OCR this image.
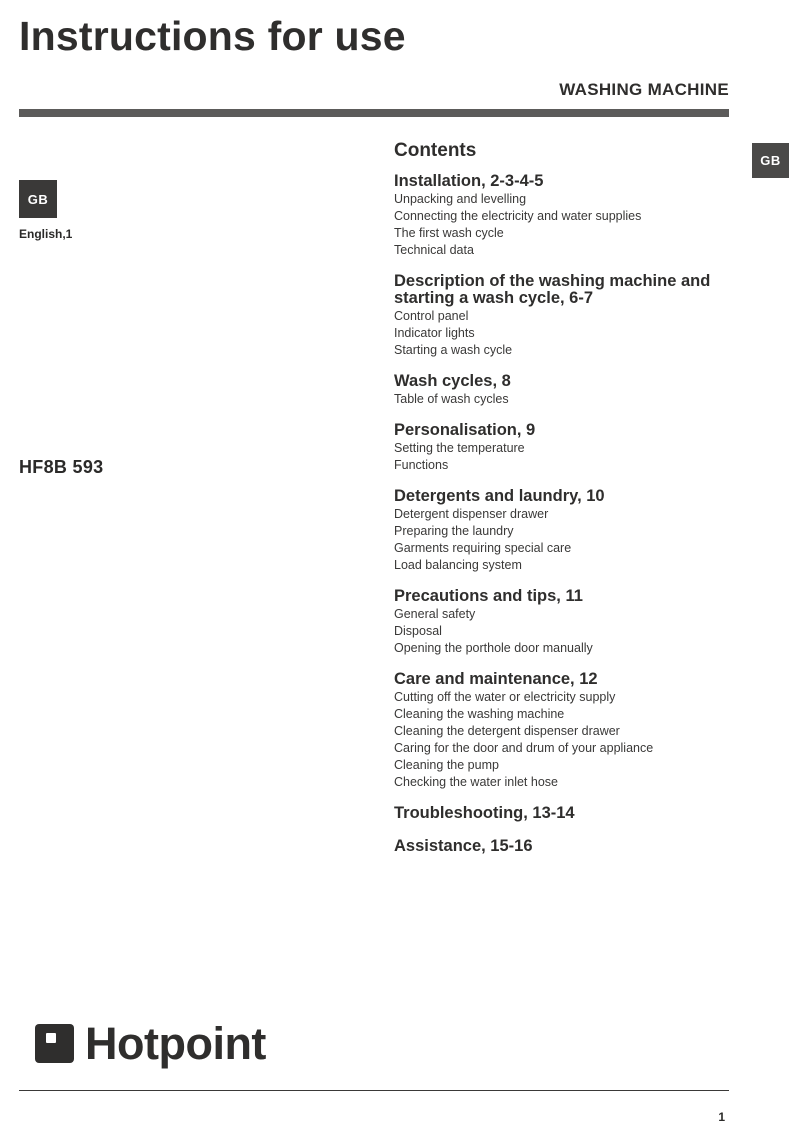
Instructions for use
WASHING MACHINE
GB
GB
English,1
HF8B 593
Contents
Installation, 2-3-4-5
Unpacking and levelling
Connecting the electricity and water supplies
The first wash cycle
Technical data
Description of the washing machine and starting a wash cycle, 6-7
Control panel
Indicator lights
Starting a wash cycle
Wash cycles, 8
Table of wash cycles
Personalisation, 9
Setting the temperature
Functions
Detergents and laundry, 10
Detergent dispenser drawer
Preparing the laundry
Garments requiring special care
Load balancing system
Precautions and tips, 11
General safety
Disposal
Opening the porthole door manually
Care and maintenance, 12
Cutting off the water or electricity supply
Cleaning the washing machine
Cleaning the detergent dispenser drawer
Caring for the door and drum of your appliance
Cleaning the pump
Checking the water inlet hose
Troubleshooting, 13-14
Assistance, 15-16
Hotpoint
1
